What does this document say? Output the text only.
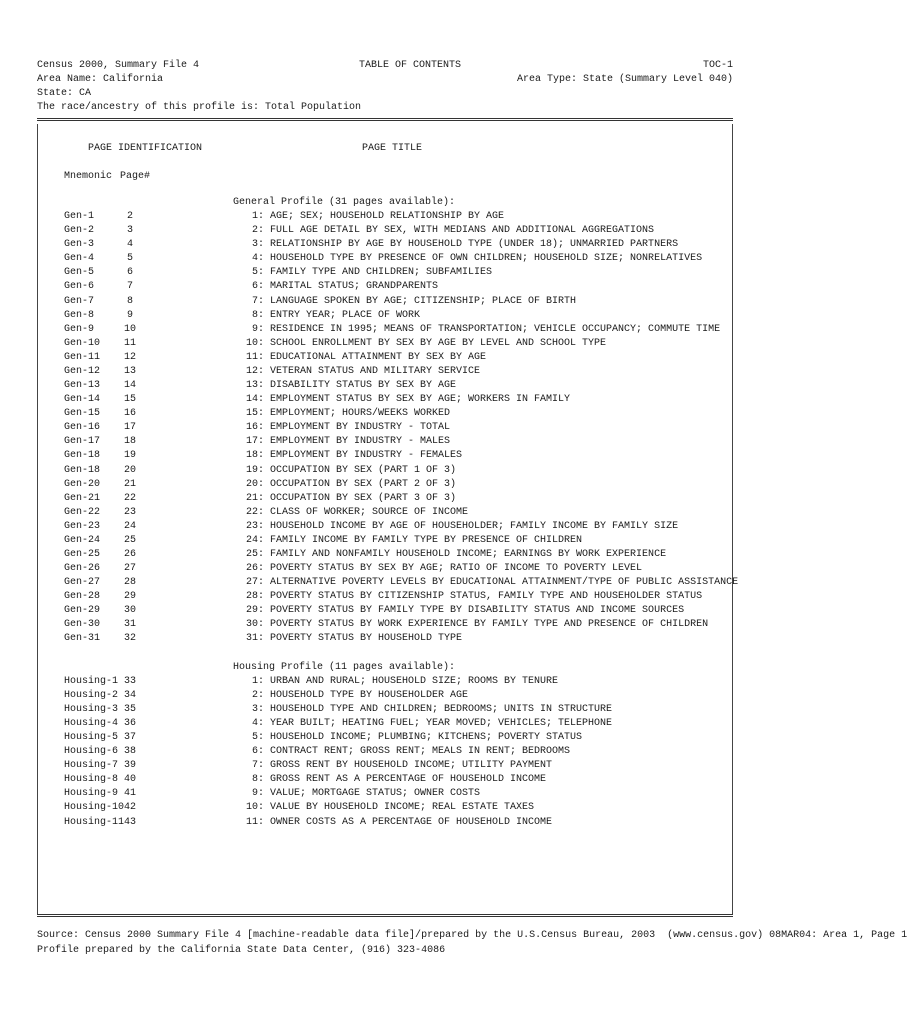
Census 2000, Summary File 4	TABLE OF CONTENTS	TOC-1
Area Name: California	Area Type: State (Summary Level 040)
State: CA
The race/ancestry of this profile is: Total Population
PAGE IDENTIFICATION	PAGE TITLE
Mnemonic Page#
General Profile (31 pages available):
Gen-1	2	1: AGE; SEX; HOUSEHOLD RELATIONSHIP BY AGE
Gen-2	3	2: FULL AGE DETAIL BY SEX, WITH MEDIANS AND ADDITIONAL AGGREGATIONS
Gen-3	4	3: RELATIONSHIP BY AGE BY HOUSEHOLD TYPE (UNDER 18); UNMARRIED PARTNERS
Gen-4	5	4: HOUSEHOLD TYPE BY PRESENCE OF OWN CHILDREN; HOUSEHOLD SIZE; NONRELATIVES
Gen-5	6	5: FAMILY TYPE AND CHILDREN; SUBFAMILIES
Gen-6	7	6: MARITAL STATUS; GRANDPARENTS
Gen-7	8	7: LANGUAGE SPOKEN BY AGE; CITIZENSHIP; PLACE OF BIRTH
Gen-8	9	8: ENTRY YEAR; PLACE OF WORK
Gen-9	10	9: RESIDENCE IN 1995; MEANS OF TRANSPORTATION; VEHICLE OCCUPANCY; COMMUTE TIME
Gen-10	11	10: SCHOOL ENROLLMENT BY SEX BY AGE BY LEVEL AND SCHOOL TYPE
Gen-11	12	11: EDUCATIONAL ATTAINMENT BY SEX BY AGE
Gen-12	13	12: VETERAN STATUS AND MILITARY SERVICE
Gen-13	14	13: DISABILITY STATUS BY SEX BY AGE
Gen-14	15	14: EMPLOYMENT STATUS BY SEX BY AGE; WORKERS IN FAMILY
Gen-15	16	15: EMPLOYMENT; HOURS/WEEKS WORKED
Gen-16	17	16: EMPLOYMENT BY INDUSTRY - TOTAL
Gen-17	18	17: EMPLOYMENT BY INDUSTRY - MALES
Gen-18	19	18: EMPLOYMENT BY INDUSTRY - FEMALES
Gen-18	20	19: OCCUPATION BY SEX (PART 1 OF 3)
Gen-20	21	20: OCCUPATION BY SEX (PART 2 OF 3)
Gen-21	22	21: OCCUPATION BY SEX (PART 3 OF 3)
Gen-22	23	22: CLASS OF WORKER; SOURCE OF INCOME
Gen-23	24	23: HOUSEHOLD INCOME BY AGE OF HOUSEHOLDER; FAMILY INCOME BY FAMILY SIZE
Gen-24	25	24: FAMILY INCOME BY FAMILY TYPE BY PRESENCE OF CHILDREN
Gen-25	26	25: FAMILY AND NONFAMILY HOUSEHOLD INCOME; EARNINGS BY WORK EXPERIENCE
Gen-26	27	26: POVERTY STATUS BY SEX BY AGE; RATIO OF INCOME TO POVERTY LEVEL
Gen-27	28	27: ALTERNATIVE POVERTY LEVELS BY EDUCATIONAL ATTAINMENT/TYPE OF PUBLIC ASSISTANCE
Gen-28	29	28: POVERTY STATUS BY CITIZENSHIP STATUS, FAMILY TYPE AND HOUSEHOLDER STATUS
Gen-29	30	29: POVERTY STATUS BY FAMILY TYPE BY DISABILITY STATUS AND INCOME SOURCES
Gen-30	31	30: POVERTY STATUS BY WORK EXPERIENCE BY FAMILY TYPE AND PRESENCE OF CHILDREN
Gen-31	32	31: POVERTY STATUS BY HOUSEHOLD TYPE
Housing Profile (11 pages available):
Housing-1 33	1: URBAN AND RURAL; HOUSEHOLD SIZE; ROOMS BY TENURE
Housing-2 34	2: HOUSEHOLD TYPE BY HOUSEHOLDER AGE
Housing-3 35	3: HOUSEHOLD TYPE AND CHILDREN; BEDROOMS; UNITS IN STRUCTURE
Housing-4 36	4: YEAR BUILT; HEATING FUEL; YEAR MOVED; VEHICLES; TELEPHONE
Housing-5 37	5: HOUSEHOLD INCOME; PLUMBING; KITCHENS; POVERTY STATUS
Housing-6 38	6: CONTRACT RENT; GROSS RENT; MEALS IN RENT; BEDROOMS
Housing-7 39	7: GROSS RENT BY HOUSEHOLD INCOME; UTILITY PAYMENT
Housing-8 40	8: GROSS RENT AS A PERCENTAGE OF HOUSEHOLD INCOME
Housing-9 41	9: VALUE; MORTGAGE STATUS; OWNER COSTS
Housing-10 42	10: VALUE BY HOUSEHOLD INCOME; REAL ESTATE TAXES
Housing-11 43	11: OWNER COSTS AS A PERCENTAGE OF HOUSEHOLD INCOME
Source: Census 2000 Summary File 4 [machine-readable data file]/prepared by the U.S.Census Bureau, 2003  (www.census.gov) 08MAR04: Area 1, Page 1
Profile prepared by the California State Data Center, (916) 323-4086
